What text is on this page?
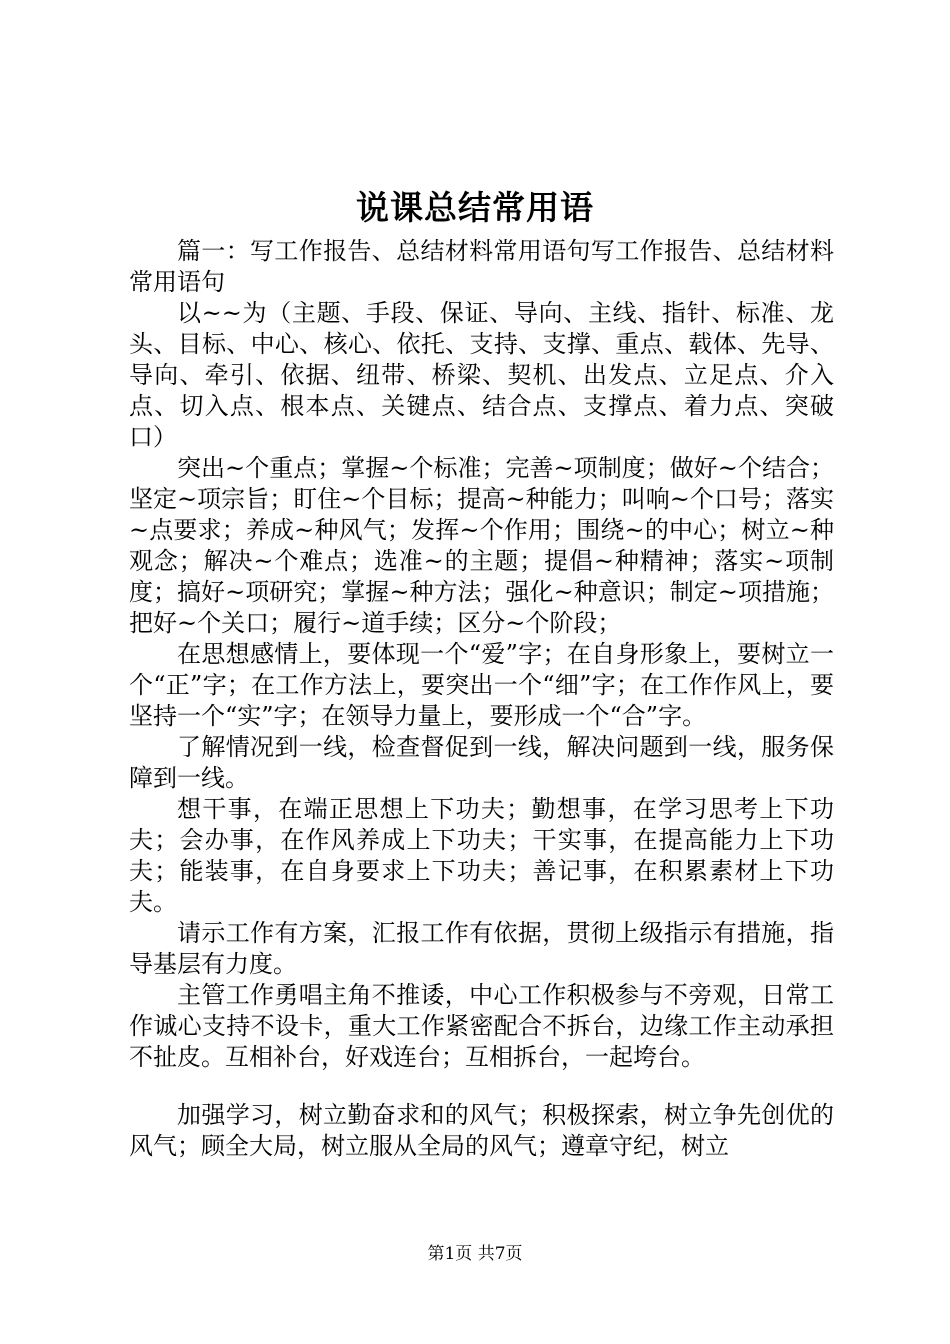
说课总结常用语

篇一：写工作报告、总结材料常用语句写工作报告、总结材料常用语句

以~~为（主题、手段、保证、导向、主线、指针、标准、龙头、目标、中心、核心、依托、支持、支撑、重点、载体、先导、导向、牵引、依据、纽带、桥梁、契机、出发点、立足点、介入点、切入点、根本点、关键点、结合点、支撑点、着力点、突破口）

突出~个重点；掌握~个标准；完善~项制度；做好~个结合；坚定~项宗旨；盯住~个目标；提高~种能力；叫响~个口号；落实~点要求；养成~种风气；发挥~个作用；围绕~的中心；树立~种观念；解决~个难点；选准~的主题；提倡~种精神；落实~项制度；搞好~项研究；掌握~种方法；强化~种意识；制定~项措施；把好~个关口；履行~道手续；区分~个阶段；

在思想感情上，要体现一个“爱”字；在自身形象上，要树立一个“正”字；在工作方法上，要突出一个“细”字；在工作作风上，要坚持一个“实”字；在领导力量上，要形成一个“合”字。

了解情况到一线，检查督促到一线，解决问题到一线，服务保障到一线。

想干事，在端正思想上下功夫；勤想事，在学习思考上下功夫；会办事，在作风养成上下功夫；干实事，在提高能力上下功夫；能装事，在自身要求上下功夫；善记事，在积累素材上下功夫。

请示工作有方案，汇报工作有依据，贯彻上级指示有措施，指导基层有力度。

主管工作勇唱主角不推诿，中心工作积极参与不旁观，日常工作诚心支持不设卡，重大工作紧密配合不拆台，边缘工作主动承担不扯皮。互相补台，好戏连台；互相拆台，一起垮台。

加强学习，树立勤奋求和的风气；积极探索，树立争先创优的风气；顾全大局，树立服从全局的风气；遵章守纪，树立

第1页 共7页
